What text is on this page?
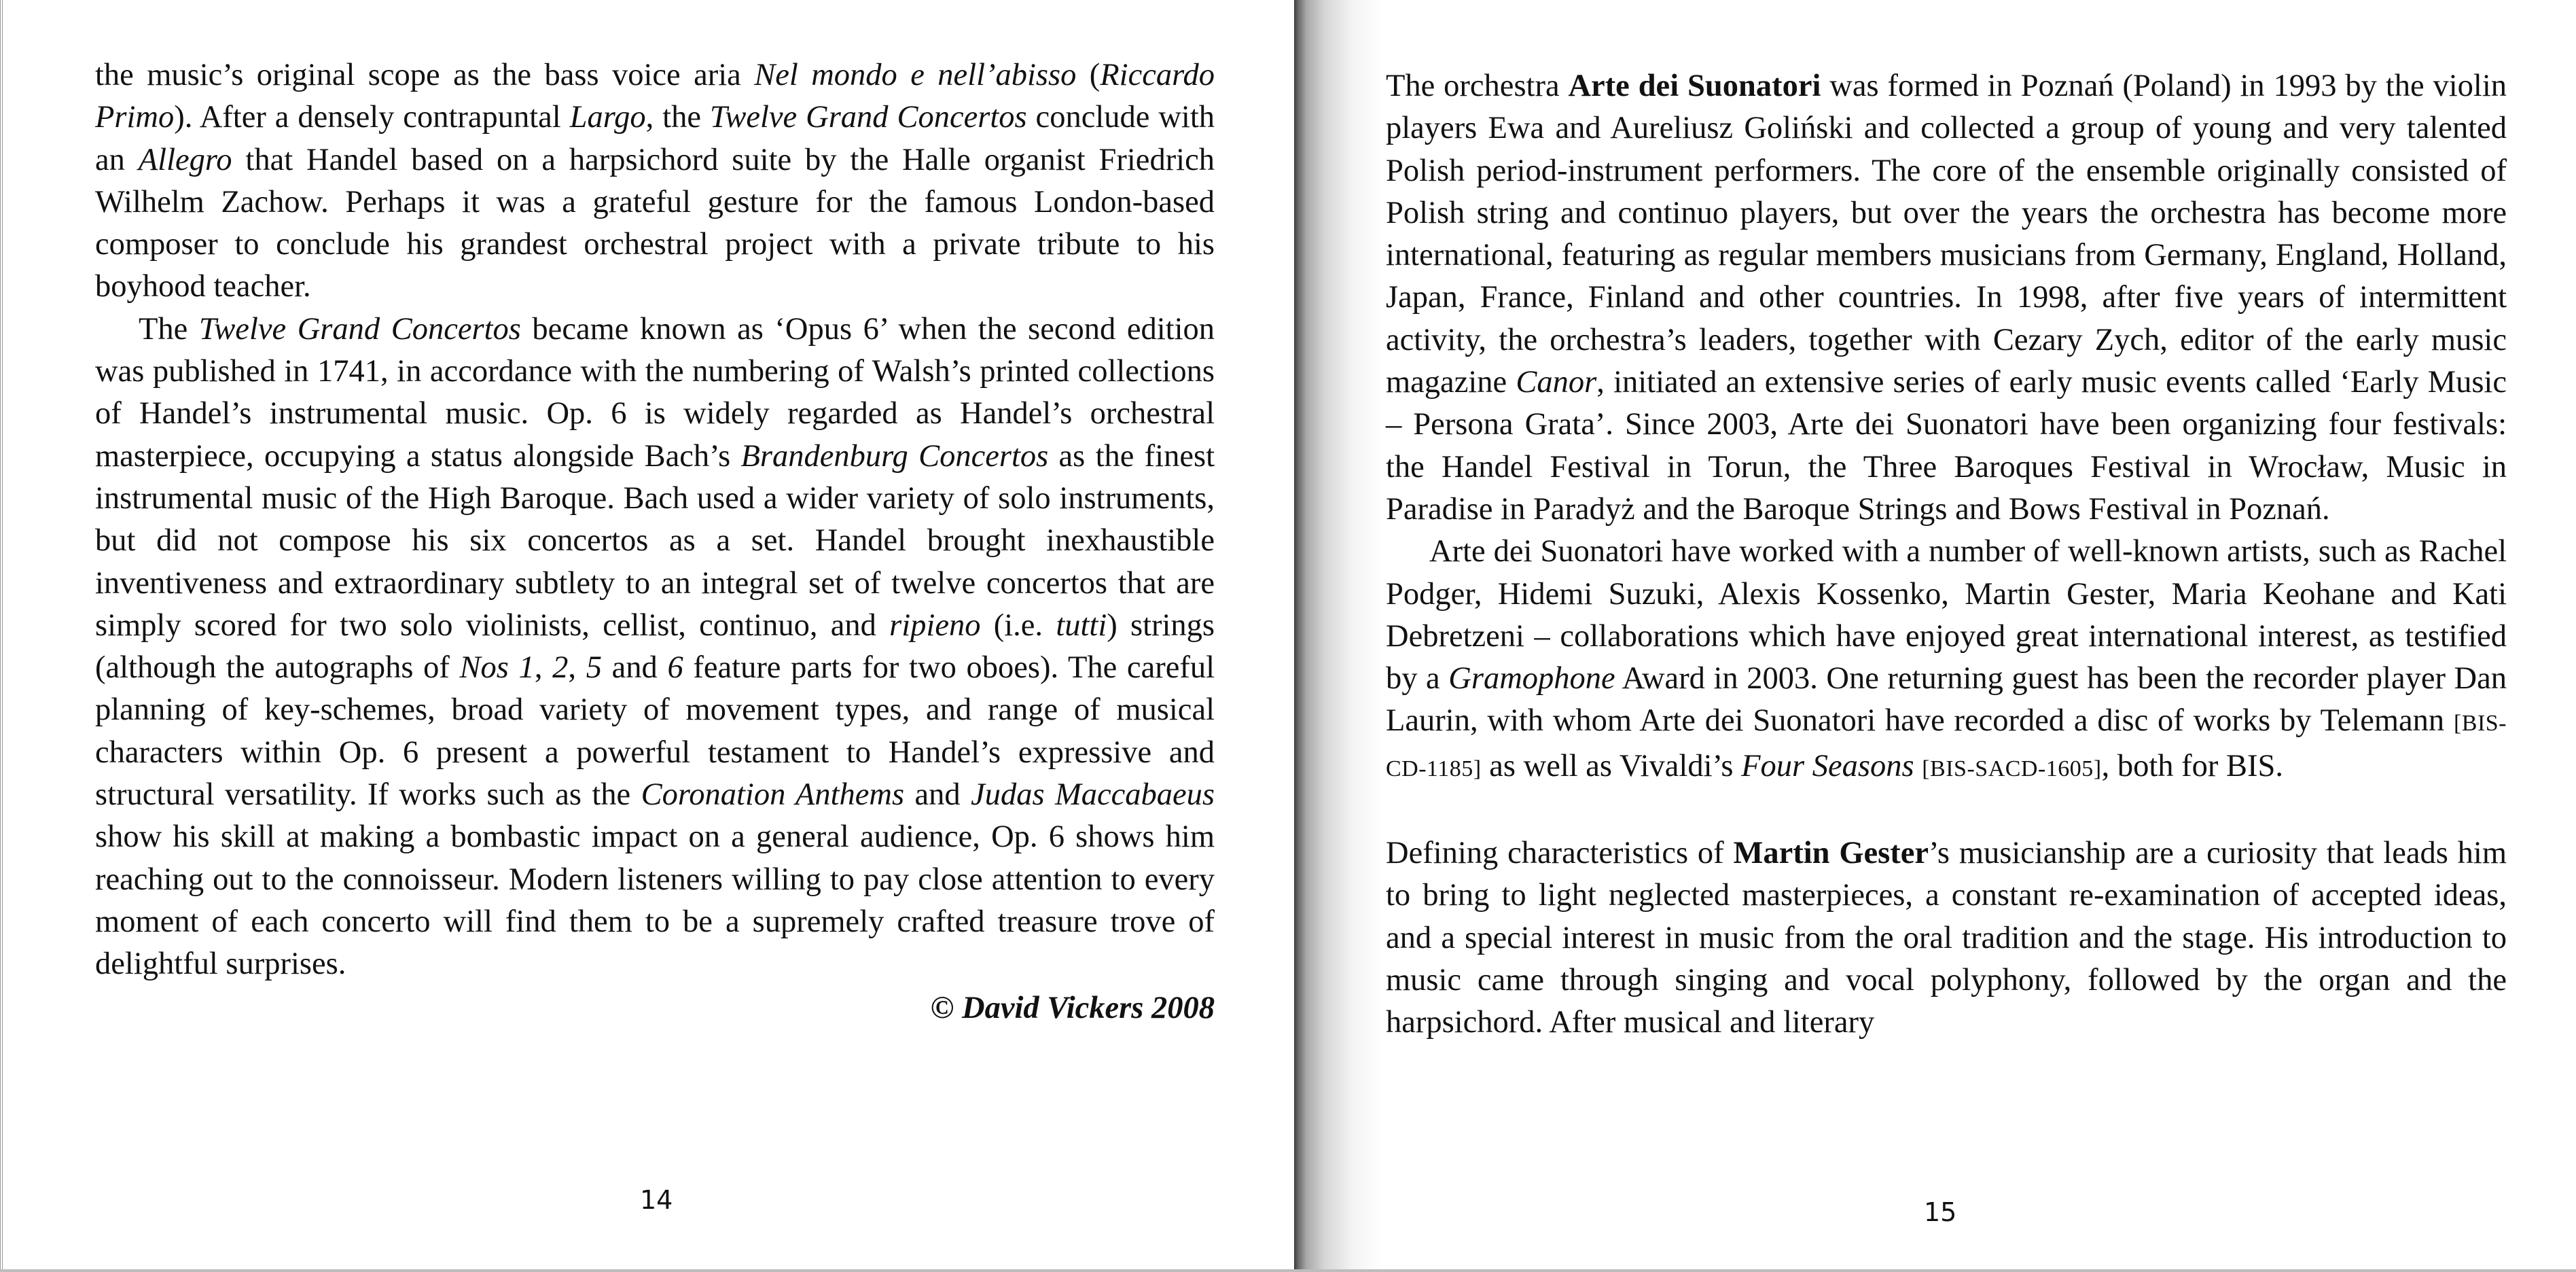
the music’s original scope as the bass voice aria Nel mondo e nell’abisso (Riccardo Primo). After a densely contrapuntal Largo, the Twelve Grand Concertos conclude with an Allegro that Handel based on a harpsichord suite by the Halle organist Friedrich Wilhelm Zachow. Perhaps it was a grateful gesture for the famous London-based composer to conclude his grandest orchestral project with a private tribute to his boyhood teacher.

The Twelve Grand Concertos became known as ‘Opus 6’ when the second edition was published in 1741, in accordance with the numbering of Walsh’s printed collections of Handel’s instrumental music. Op. 6 is widely regarded as Handel’s orchestral masterpiece, occupying a status alongside Bach’s Brandenburg Concertos as the finest instrumental music of the High Baroque. Bach used a wider variety of solo instruments, but did not compose his six concertos as a set. Handel brought inexhaustible inventiveness and extraordinary subtlety to an integral set of twelve concertos that are simply scored for two solo violinists, cellist, continuo, and ripieno (i.e. tutti) strings (although the autographs of Nos 1, 2, 5 and 6 feature parts for two oboes). The careful planning of key-schemes, broad variety of movement types, and range of musical characters within Op. 6 present a powerful testament to Handel’s expressive and structural versatility. If works such as the Coronation Anthems and Judas Maccabaeus show his skill at making a bombastic impact on a general audience, Op. 6 shows him reaching out to the connoisseur. Modern listeners willing to pay close attention to every moment of each concerto will find them to be a supremely crafted treasure trove of delightful surprises.

© David Vickers 2008

14

The orchestra Arte dei Suonatori was formed in Poznań (Poland) in 1993 by the violin players Ewa and Aureliusz Goliński and collected a group of young and very talented Polish period-instrument performers. The core of the ensemble originally consisted of Polish string and continuo players, but over the years the orchestra has become more international, featuring as regular members musicians from Germany, England, Holland, Japan, France, Finland and other countries. In 1998, after five years of intermittent activity, the orchestra’s leaders, together with Cezary Zych, editor of the early music magazine Canor, initiated an extensive series of early music events called ‘Early Music – Persona Grata’. Since 2003, Arte dei Suonatori have been organizing four festivals: the Handel Festival in Torun, the Three Baroques Festival in Wrocław, Music in Paradise in Paradyż and the Baroque Strings and Bows Festival in Poznań.

Arte dei Suonatori have worked with a number of well-known artists, such as Rachel Podger, Hidemi Suzuki, Alexis Kossenko, Martin Gester, Maria Keohane and Kati Debretzeni – collaborations which have enjoyed great international interest, as testified by a Gramophone Award in 2003. One returning guest has been the recorder player Dan Laurin, with whom Arte dei Suonatori have recorded a disc of works by Telemann [BIS-CD-1185] as well as Vivaldi’s Four Seasons [BIS-SACD-1605], both for BIS.

Defining characteristics of Martin Gester’s musicianship are a curiosity that leads him to bring to light neglected masterpieces, a constant re-examination of accepted ideas, and a special interest in music from the oral tradition and the stage. His introduction to music came through singing and vocal polyphony, followed by the organ and the harpsichord. After musical and literary

15
